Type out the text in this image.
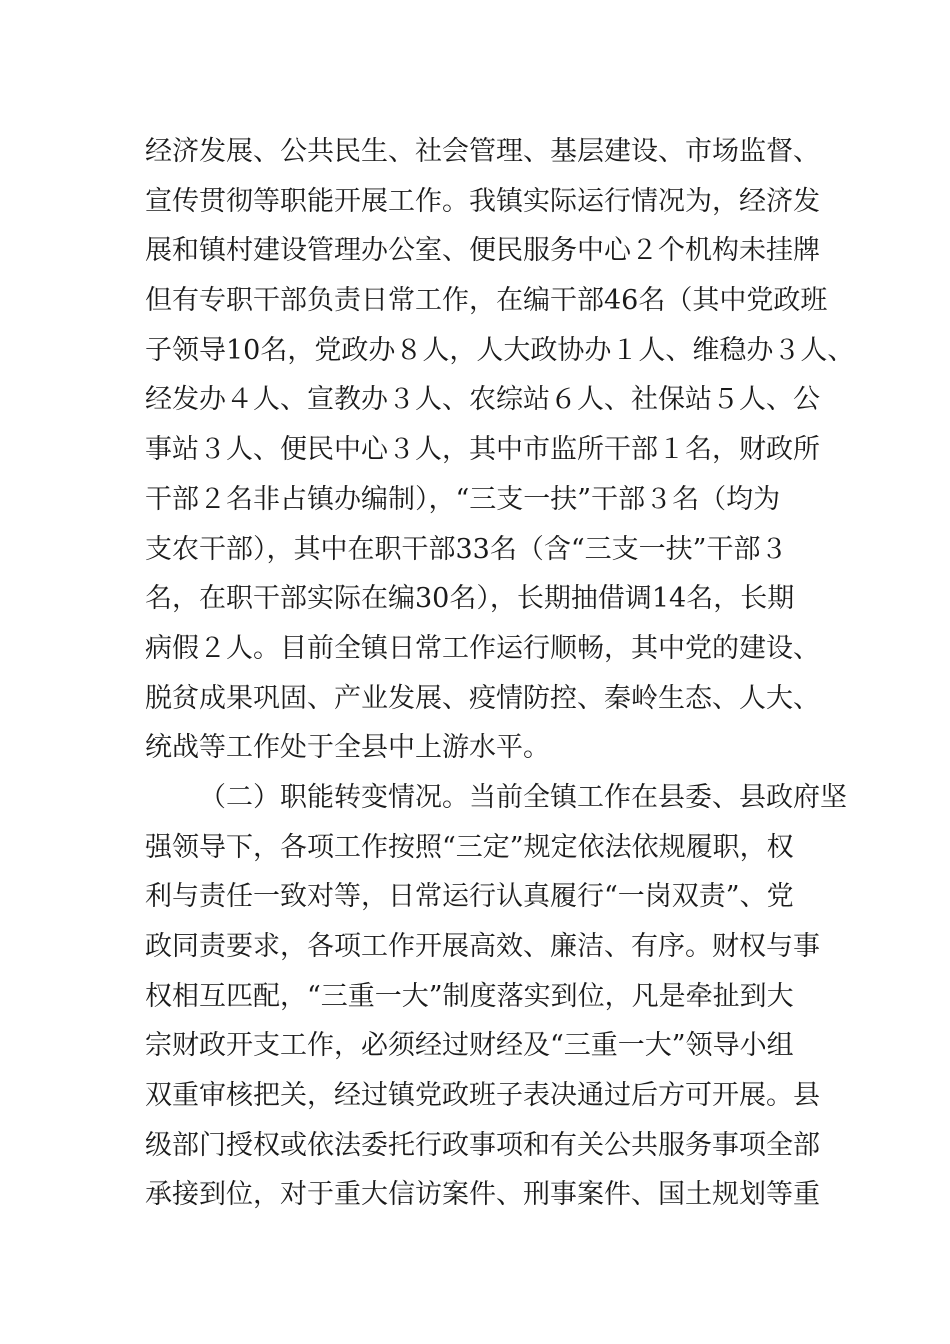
经济发展、公共民生、社会管理、基层建设、市场监督、
宣传贯彻等职能开展工作。我镇实际运行情况为，经济发
展和镇村建设管理办公室、便民服务中心２个机构未挂牌
但有专职干部负责日常工作，在编干部46名（其中党政班
子领导10名，党政办８人，人大政协办１人、维稳办３人、
经发办４人、宣教办３人、农综站６人、社保站５人、公
事站３人、便民中心３人，其中市监所干部１名，财政所
干部２名非占镇办编制），“三支一扶”干部３名（均为
支农干部），其中在职干部33名（含“三支一扶”干部３
名，在职干部实际在编30名），长期抽借调14名，长期
病假２人。目前全镇日常工作运行顺畅，其中党的建设、
脱贫成果巩固、产业发展、疫情防控、秦岭生态、人大、
统战等工作处于全县中上游水平。
（二）职能转变情况。当前全镇工作在县委、县政府坚
强领导下，各项工作按照“三定”规定依法依规履职，权
利与责任一致对等，日常运行认真履行“一岗双责”、党
政同责要求，各项工作开展高效、廉洁、有序。财权与事
权相互匹配，“三重一大”制度落实到位，凡是牵扯到大
宗财政开支工作，必须经过财经及“三重一大”领导小组
双重审核把关，经过镇党政班子表决通过后方可开展。县
级部门授权或依法委托行政事项和有关公共服务事项全部
承接到位，对于重大信访案件、刑事案件、国土规划等重
